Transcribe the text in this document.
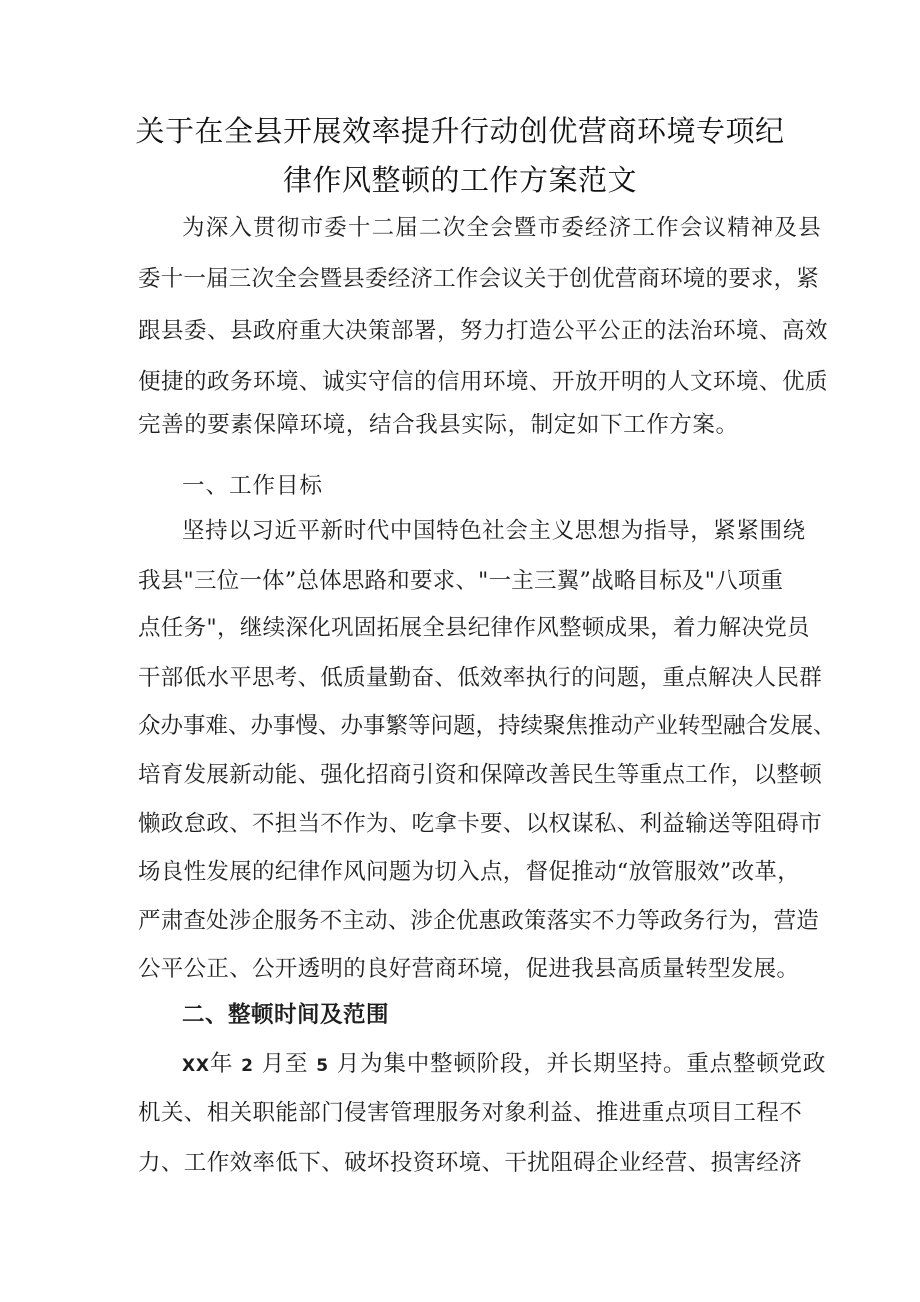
关于在全县开展效率提升行动创优营商环境专项纪
律作风整顿的工作方案范文
为深入贯彻市委十二届二次全会暨市委经济工作会议精神及县
委十一届三次全会暨县委经济工作会议关于创优营商环境的要求，紧
跟县委、县政府重大决策部署，努力打造公平公正的法治环境、高效
便捷的政务环境、诚实守信的信用环境、开放开明的人文环境、优质
完善的要素保障环境，结合我县实际，制定如下工作方案。
一、工作目标
坚持以习近平新时代中国特色社会主义思想为指导，紧紧围绕
我县"三位一体”总体思路和要求、"一主三翼”战略目标及"八项重
点任务"，继续深化巩固拓展全县纪律作风整顿成果，着力解决党员
干部低水平思考、低质量勤奋、低效率执行的问题，重点解决人民群
众办事难、办事慢、办事繁等问题，持续聚焦推动产业转型融合发展、
培育发展新动能、强化招商引资和保障改善民生等重点工作，以整顿
懒政怠政、不担当不作为、吃拿卡要、以权谋私、利益输送等阻碍市
场良性发展的纪律作风问题为切入点，督促推动“放管服效”改革，
严肃查处涉企服务不主动、涉企优惠政策落实不力等政务行为，营造
公平公正、公开透明的良好营商环境，促进我县高质量转型发展。
二、整顿时间及范围
XX年 2 月至 5 月为集中整顿阶段，并长期坚持。重点整顿党政
机关、相关职能部门侵害管理服务对象利益、推进重点项目工程不
力、工作效率低下、破坏投资环境、干扰阻碍企业经营、损害经济
